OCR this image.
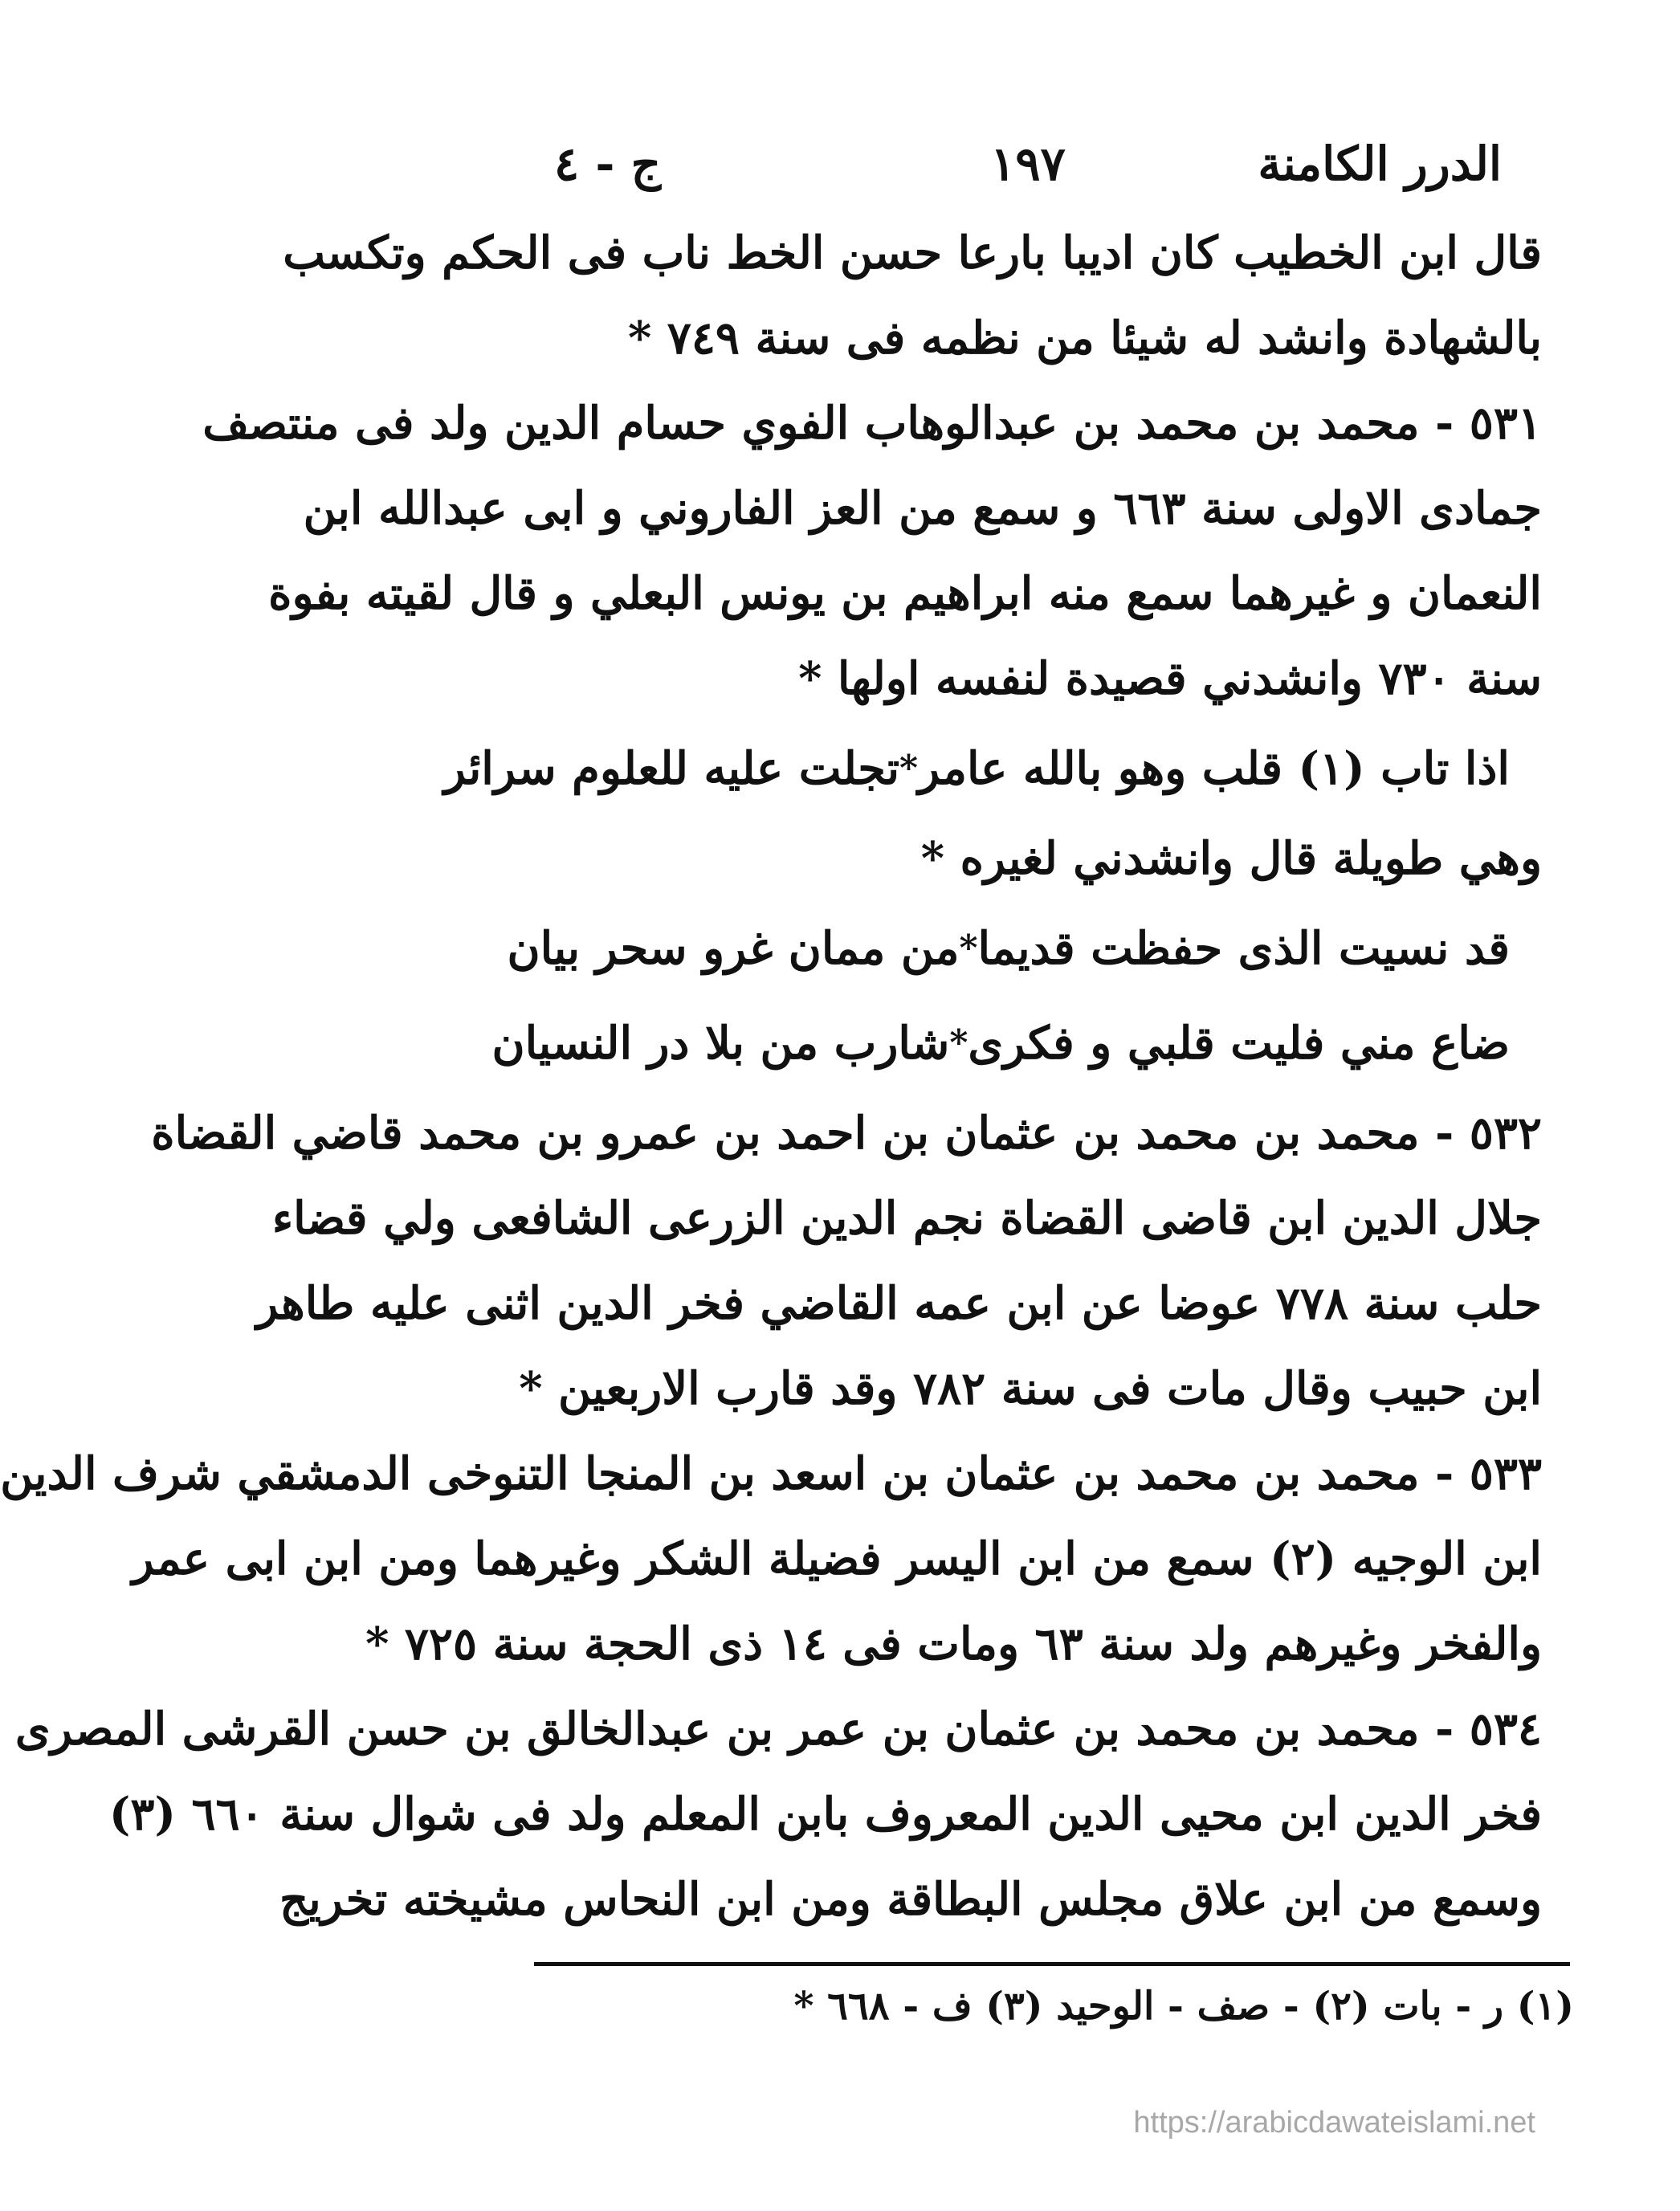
الدرر الكامنة
١٩٧
ج - ٤
قال ابن الخطيب كان اديبا بارعا حسن الخط ناب فى الحكم وتكسب
بالشهادة وانشد له شيئا من نظمه فى سنة ٧٤٩ *
٥٣١ - محمد بن محمد بن عبدالوهاب الفوي حسام الدين ولد فى منتصف
جمادى الاولى سنة ٦٦٣ و سمع من العز الفاروني و ابى عبدالله ابن
النعمان و غيرهما سمع منه ابراهيم بن يونس البعلي و قال لقيته بفوة
سنة ٧٣٠ وانشدني قصيدة لنفسه اولها *
اذا تاب (١) قلب وهو بالله عامر
*
تجلت عليه للعلوم سرائر
وهي طويلة قال وانشدني لغيره *
قد نسيت الذى حفظت قديما
*
من ممان غرو سحر بيان
ضاع مني فليت قلبي و فكرى
*
شارب من بلا در النسيان
٥٣٢ - محمد بن محمد بن عثمان بن احمد بن عمرو بن محمد قاضي القضاة
جلال الدين ابن قاضى القضاة نجم الدين الزرعى الشافعى ولي قضاء
حلب سنة ٧٧٨ عوضا عن ابن عمه القاضي فخر الدين اثنى عليه طاهر
ابن حبيب وقال مات فى سنة ٧٨٢ وقد قارب الاربعين *
٥٣٣ - محمد بن محمد بن عثمان بن اسعد بن المنجا التنوخى الدمشقي شرف الدين
ابن الوجيه (٢) سمع من ابن اليسر فضيلة الشكر وغيرهما ومن ابن ابى عمر
والفخر وغيرهم ولد سنة ٦٣ ومات فى ١٤ ذى الحجة سنة ٧٢٥ *
٥٣٤ - محمد بن محمد بن عثمان بن عمر بن عبدالخالق بن حسن القرشى المصرى
فخر الدين ابن محيى الدين المعروف بابن المعلم ولد فى شوال سنة ٦٦٠ (٣)
وسمع من ابن علاق مجلس البطاقة ومن ابن النحاس مشيخته تخريج
(١) ر - بات (٢) - صف - الوحيد (٣) ف - ٦٦٨ *
https://arabicdawateislami.net
